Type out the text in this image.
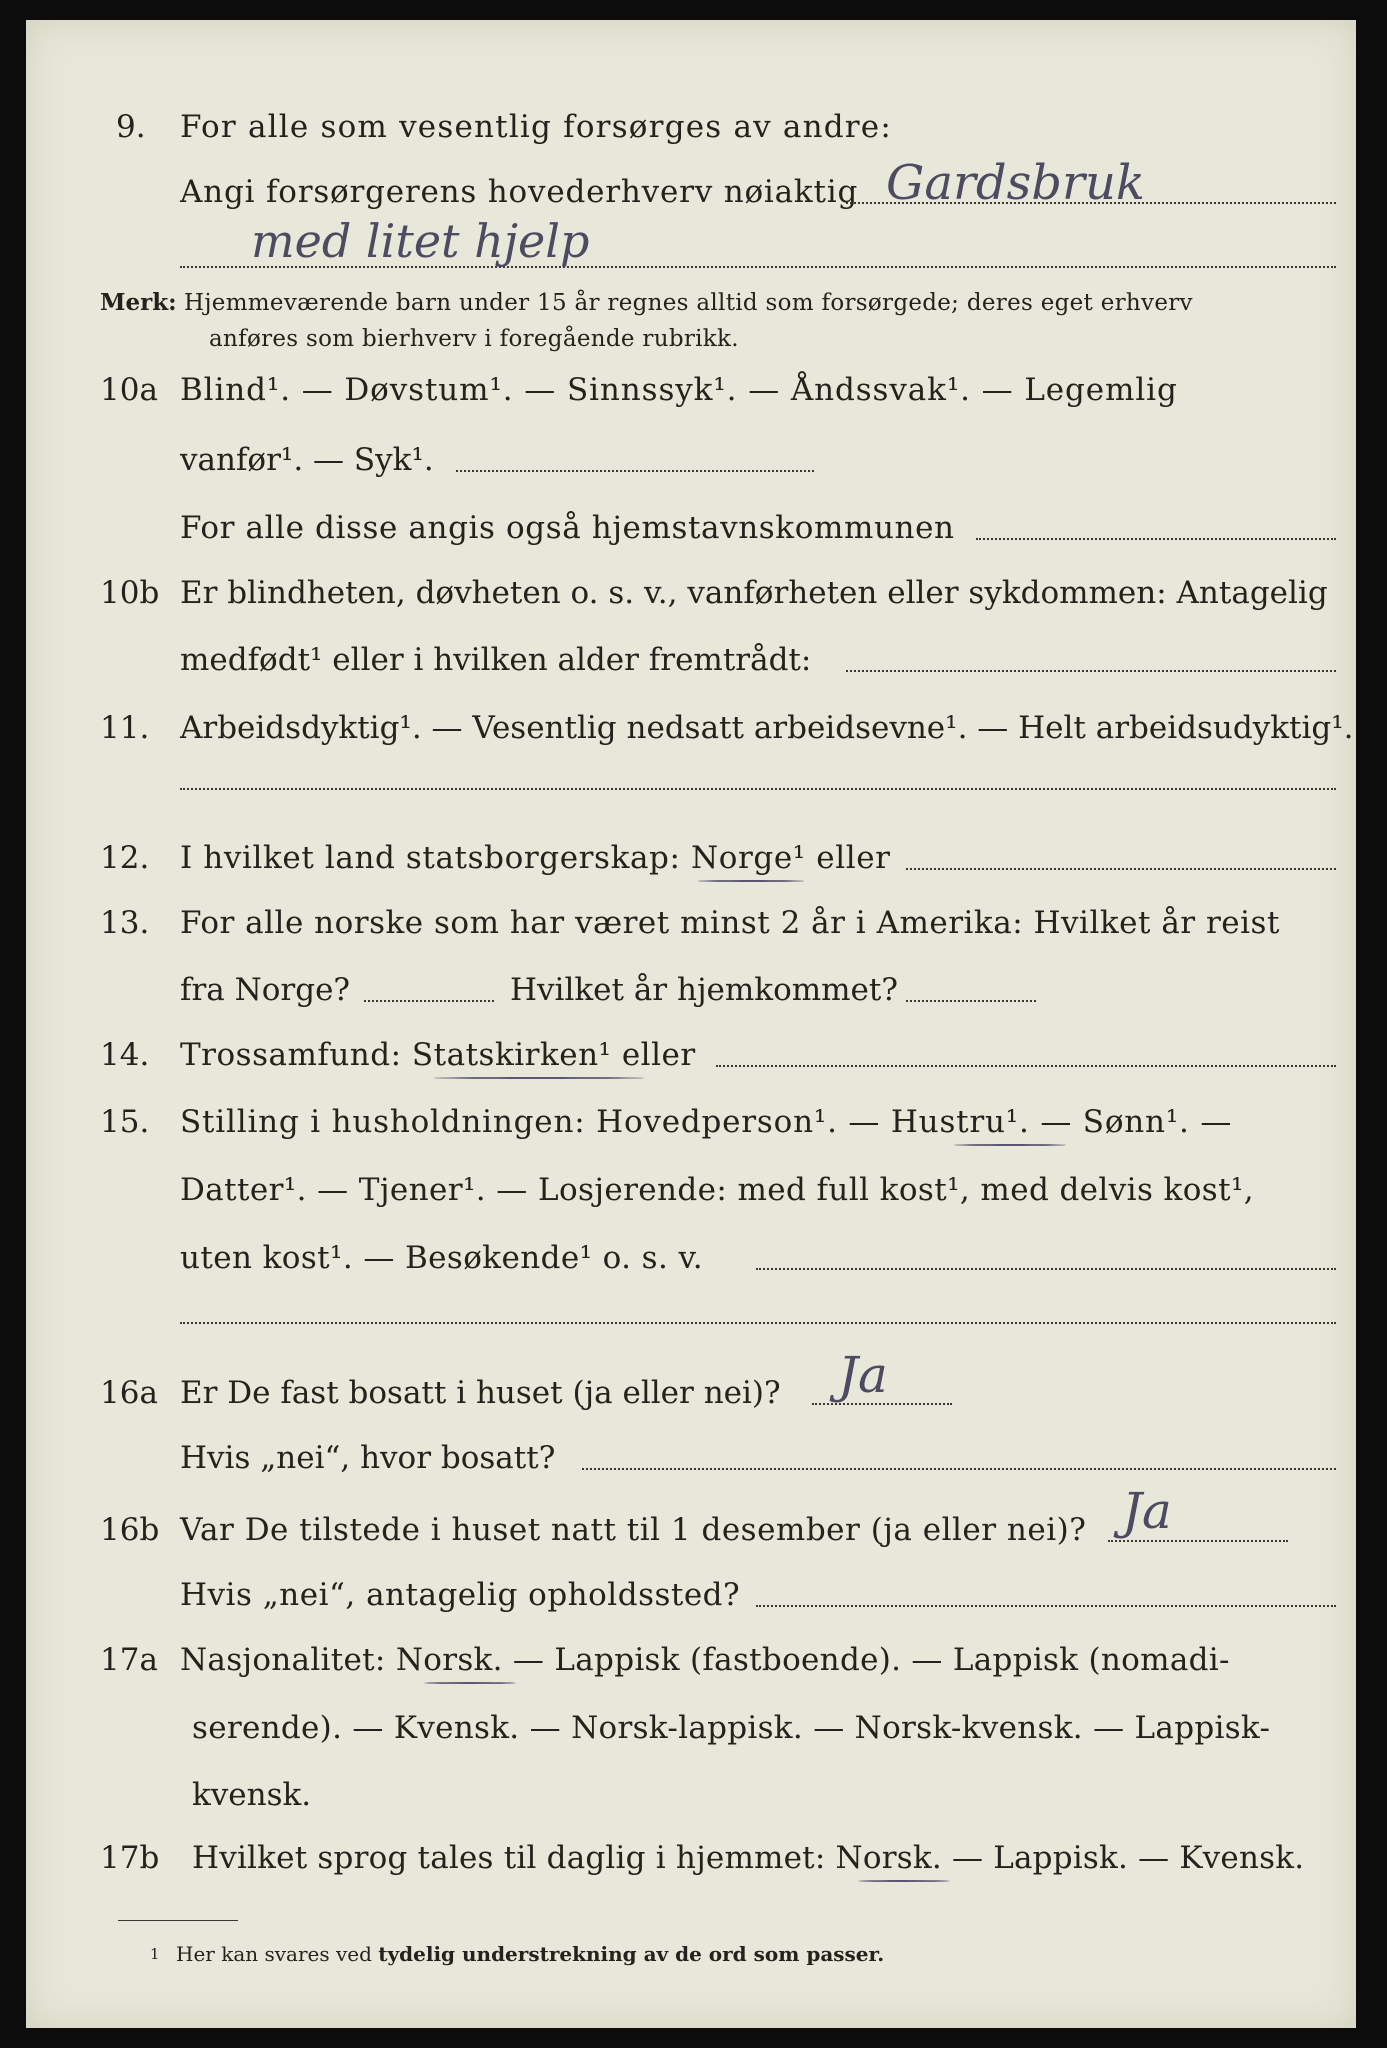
9. For alle som vesentlig forsørges av andre:
Angi forsørgerens hovederhverv nøiaktig Gardsbruk
med litet hjelp
Merk: Hjemmeværende barn under 15 år regnes alltid som forsørgede; deres eget erhverv
anføres som bierhverv i foregående rubrikk.
10a Blind¹. — Døvstum¹. — Sinnssyk¹. — Åndssvak¹. — Legemlig
vanfør¹. — Syk¹.
For alle disse angis også hjemstavnskommunen
10b Er blindheten, døvheten o. s. v., vanførheten eller sykdommen: Antagelig
medfødt¹ eller i hvilken alder fremtrådt:
11. Arbeidsdyktig¹. — Vesentlig nedsatt arbeidsevne¹. — Helt arbeidsudyktig¹.
12. I hvilket land statsborgerskap: Norge¹ eller
13. For alle norske som har været minst 2 år i Amerika: Hvilket år reist
fra Norge?	Hvilket år hjemkommet?
14. Trossamfund: Statskirken¹ eller
15. Stilling i husholdningen: Hovedperson¹. — Hustru¹. — Sønn¹. —
Datter¹. — Tjener¹. — Losjerende: med full kost¹, med delvis kost¹,
uten kost¹. — Besøkende¹ o. s. v.
16a Er De fast bosatt i huset (ja eller nei)? Ja
Hvis „nei“, hvor bosatt?
16b Var De tilstede i huset natt til 1 desember (ja eller nei)? Ja
Hvis „nei“, antagelig opholdssted?
17a Nasjonalitet: Norsk. — Lappisk (fastboende). — Lappisk (nomadi-
serende). — Kvensk. — Norsk-lappisk. — Norsk-kvensk. — Lappisk-
kvensk.
17b Hvilket sprog tales til daglig i hjemmet: Norsk. — Lappisk. — Kvensk.
1 Her kan svares ved tydelig understrekning av de ord som passer.
